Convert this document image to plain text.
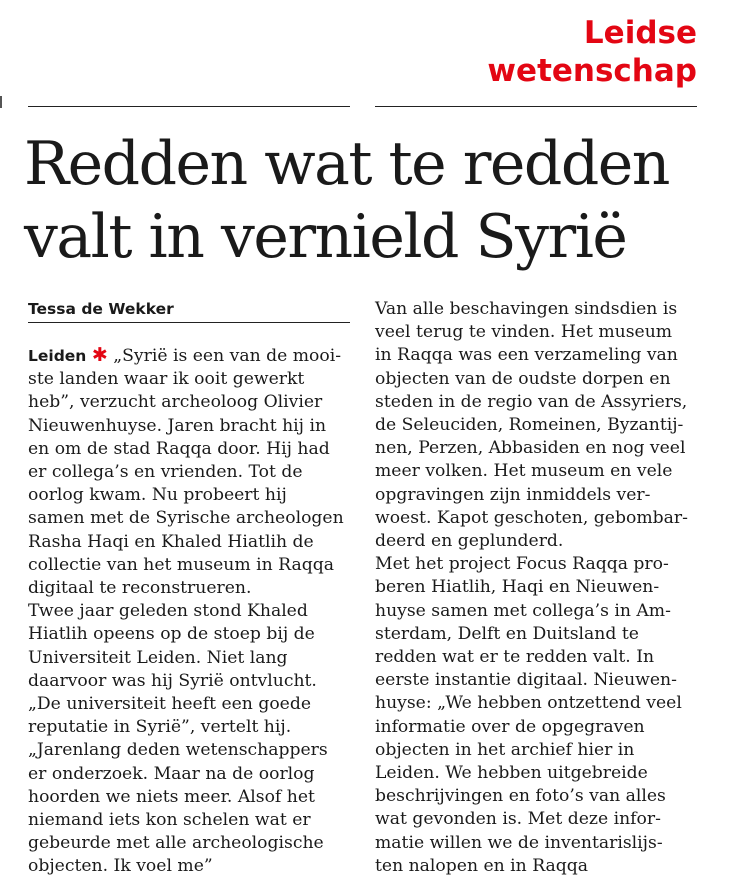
Leidse
wetenschap
Redden wat te redden
valt in vernield Syrië
Tessa de Wekker
Leiden ✱ „Syrië is een van de mooi-
ste landen waar ik ooit gewerkt
heb”, verzucht archeoloog Olivier
Nieuwenhuyse. Jaren bracht hij in
en om de stad Raqqa door. Hij had
er collega’s en vrienden. Tot de
oorlog kwam. Nu probeert hij
samen met de Syrische archeologen
Rasha Haqi en Khaled Hiatlih de
collectie van het museum in Raqqa
digitaal te reconstrueren.
Twee jaar geleden stond Khaled
Hiatlih opeens op de stoep bij de
Universiteit Leiden. Niet lang
daarvoor was hij Syrië ontvlucht.
„De universiteit heeft een goede
reputatie in Syrië”, vertelt hij.
„Jarenlang deden wetenschappers
er onderzoek. Maar na de oorlog
hoorden we niets meer. Alsof het
niemand iets kon schelen wat er
gebeurde met alle archeologische
objecten. Ik voel me”
Van alle beschavingen sindsdien is
veel terug te vinden. Het museum
in Raqqa was een verzameling van
objecten van de oudste dorpen en
steden in de regio van de Assyriers,
de Seleuciden, Romeinen, Byzantij-
nen, Perzen, Abbasiden en nog veel
meer volken. Het museum en vele
opgravingen zijn inmiddels ver-
woest. Kapot geschoten, gebombar-
deerd en geplunderd.
Met het project Focus Raqqa pro-
beren Hiatlih, Haqi en Nieuwen-
huyse samen met collega’s in Am-
sterdam, Delft en Duitsland te
redden wat er te redden valt. In
eerste instantie digitaal. Nieuwen-
huyse: „We hebben ontzettend veel
informatie over de opgegraven
objecten in het archief hier in
Leiden. We hebben uitgebreide
beschrijvingen en foto’s van alles
wat gevonden is. Met deze infor-
matie willen we de inventarislijs-
ten nalopen en in Raqqa
